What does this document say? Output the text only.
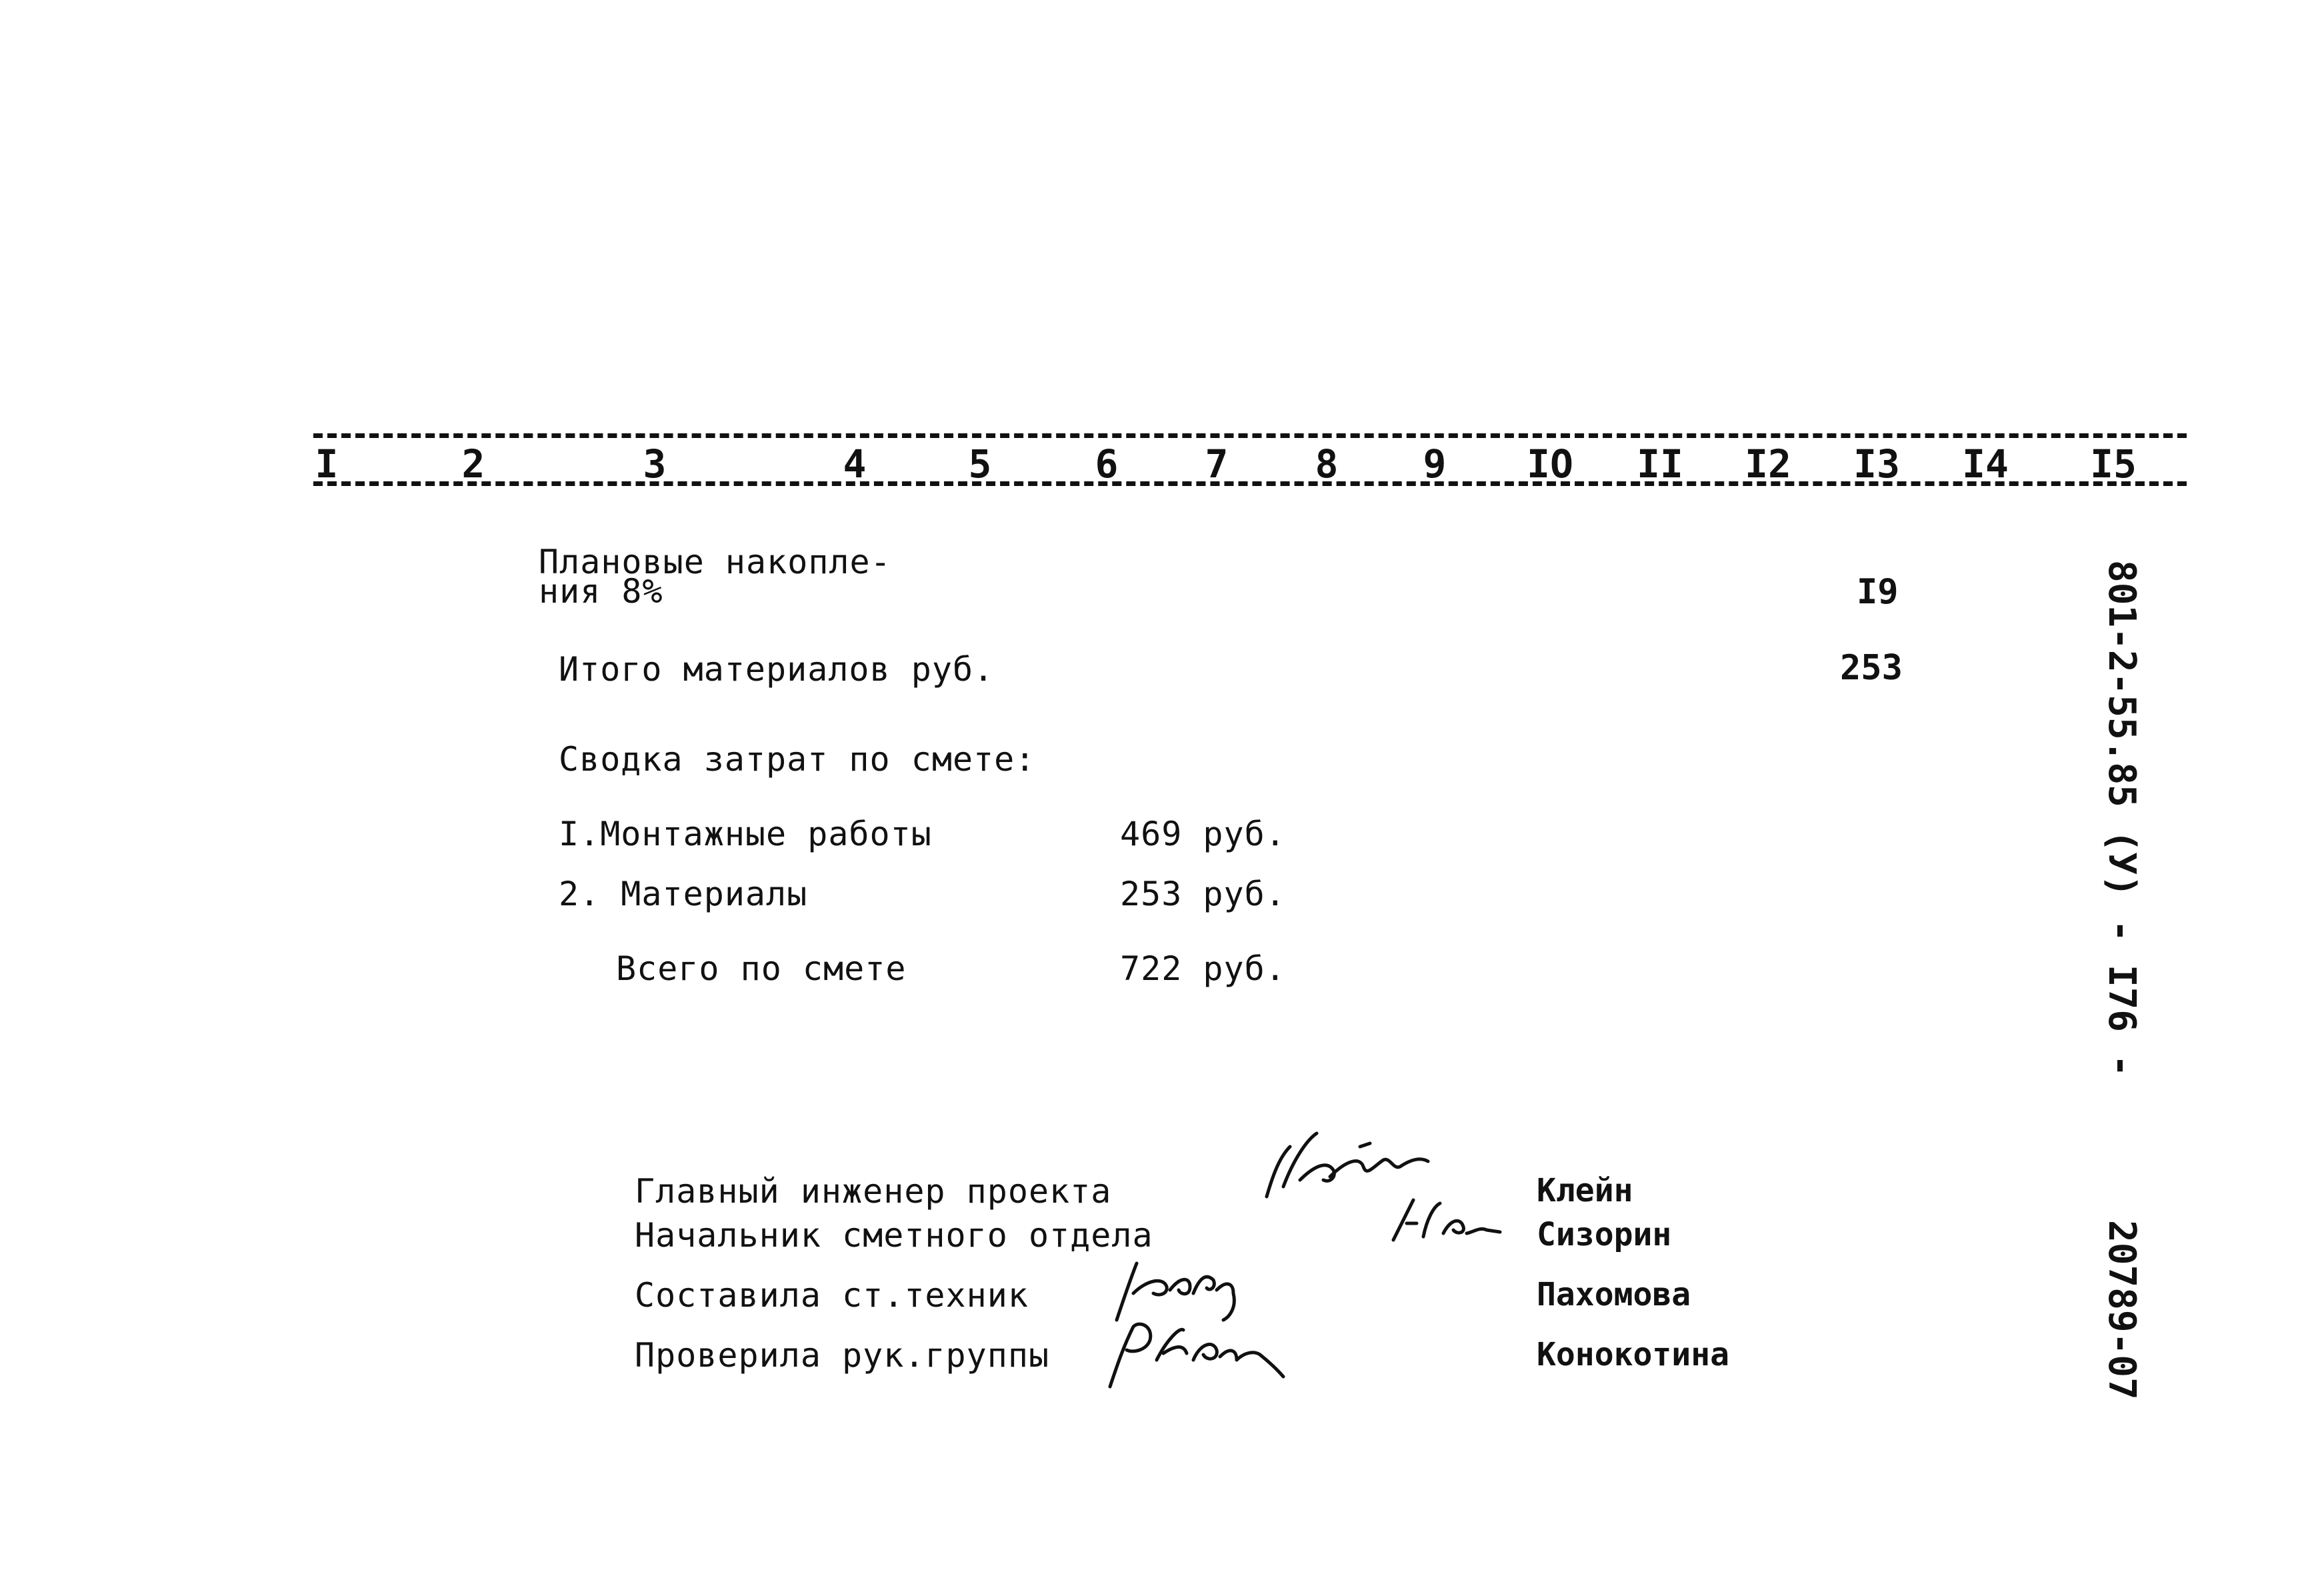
I	2	3	4	5	6 7 8 9 IO II I2 I3 I4 I5
Плановые накопле-
ния 8%	I9
Итого материалов руб.	253
Сводка затрат по смете:
I.Монтажные работы	469 руб.
2. Материалы	253 руб.
Всего по смете	722 руб.
Главный инженер проекта	Клейн
Начальник сметного отдела	Сизорин
Составила ст.техник	Пахомова
Проверила рук.группы	Конокотина
801-2-55.85 (У) - I76 -
20789-07
